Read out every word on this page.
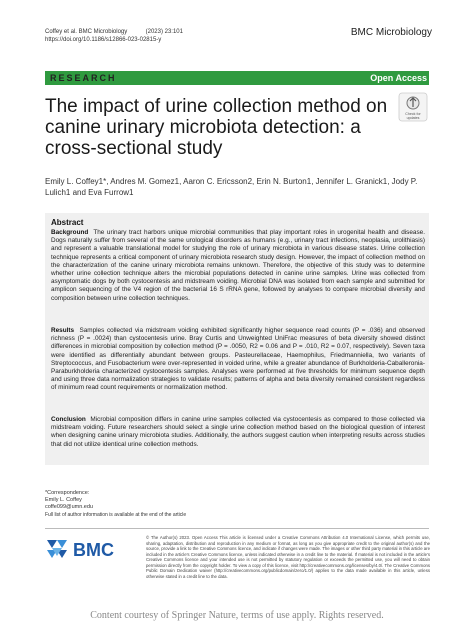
Coffey et al. BMC Microbiology	(2023) 23:101
https://doi.org/10.1186/s12866-023-02815-y
BMC Microbiology
RESEARCH	Open Access
The impact of urine collection method on canine urinary microbiota detection: a cross-sectional study
Check for
updates
Emily L. Coffey1*, Andres M. Gomez1, Aaron C. Ericsson2, Erin N. Burton1, Jennifer L. Granick1, Jody P. Lulich1 and Eva Furrow1
Abstract
Background The urinary tract harbors unique microbial communities that play important roles in urogenital health and disease. Dogs naturally suffer from several of the same urological disorders as humans (e.g., urinary tract infections, neoplasia, urolithiasis) and represent a valuable translational model for studying the role of urinary microbiota in various disease states. Urine collection technique represents a critical component of urinary microbiota research study design. However, the impact of collection method on the characterization of the canine urinary microbiota remains unknown. Therefore, the objective of this study was to determine whether urine collection technique alters the microbial populations detected in canine urine samples. Urine was collected from asymptomatic dogs by both cystocentesis and midstream voiding. Microbial DNA was isolated from each sample and submitted for amplicon sequencing of the V4 region of the bacterial 16 S rRNA gene, followed by analyses to compare microbial diversity and composition between urine collection techniques.
Results Samples collected via midstream voiding exhibited significantly higher sequence read counts (P = .036) and observed richness (P = .0024) than cystocentesis urine. Bray Curtis and Unweighted UniFrac measures of beta diversity showed distinct differences in microbial composition by collection method (P = .0050, R2 = 0.06 and P = .010, R2 = 0.07, respectively). Seven taxa were identified as differentially abundant between groups. Pasteurellaceae, Haemophilus, Friedmanniella, two variants of Streptococcus, and Fusobacterium were over-represented in voided urine, while a greater abundance of Burkholderia-Caballeronia-Paraburkholderia characterized cystocentesis samples. Analyses were performed at five thresholds for minimum sequence depth and using three data normalization strategies to validate results; patterns of alpha and beta diversity remained consistent regardless of minimum read count requirements or normalization method.
Conclusion Microbial composition differs in canine urine samples collected via cystocentesis as compared to those collected via midstream voiding. Future researchers should select a single urine collection method based on the biological question of interest when designing canine urinary microbiota studies. Additionally, the authors suggest caution when interpreting results across studies that did not utilize identical urine collection methods.
*Correspondence:
Emily L. Coffey
coffe099@umn.edu
Full list of author information is available at the end of the article
BMC
© The Author(s) 2023. Open Access This article is licensed under a Creative Commons Attribution 4.0 International License, which permits use, sharing, adaptation, distribution and reproduction in any medium or format, as long as you give appropriate credit to the original author(s) and the source, provide a link to the Creative Commons licence, and indicate if changes were made. The images or other third party material in this article are included in the article's Creative Commons licence, unless indicated otherwise in a credit line to the material. If material is not included in the article's Creative Commons licence and your intended use is not permitted by statutory regulation or exceeds the permitted use, you will need to obtain permission directly from the copyright holder. To view a copy of this licence, visit http://creativecommons.org/licenses/by/4.0/. The Creative Commons Public Domain Dedication waiver (http://creativecommons.org/publicdomain/zero/1.0/) applies to the data made available in this article, unless otherwise stated in a credit line to the data.
Content courtesy of Springer Nature, terms of use apply. Rights reserved.
